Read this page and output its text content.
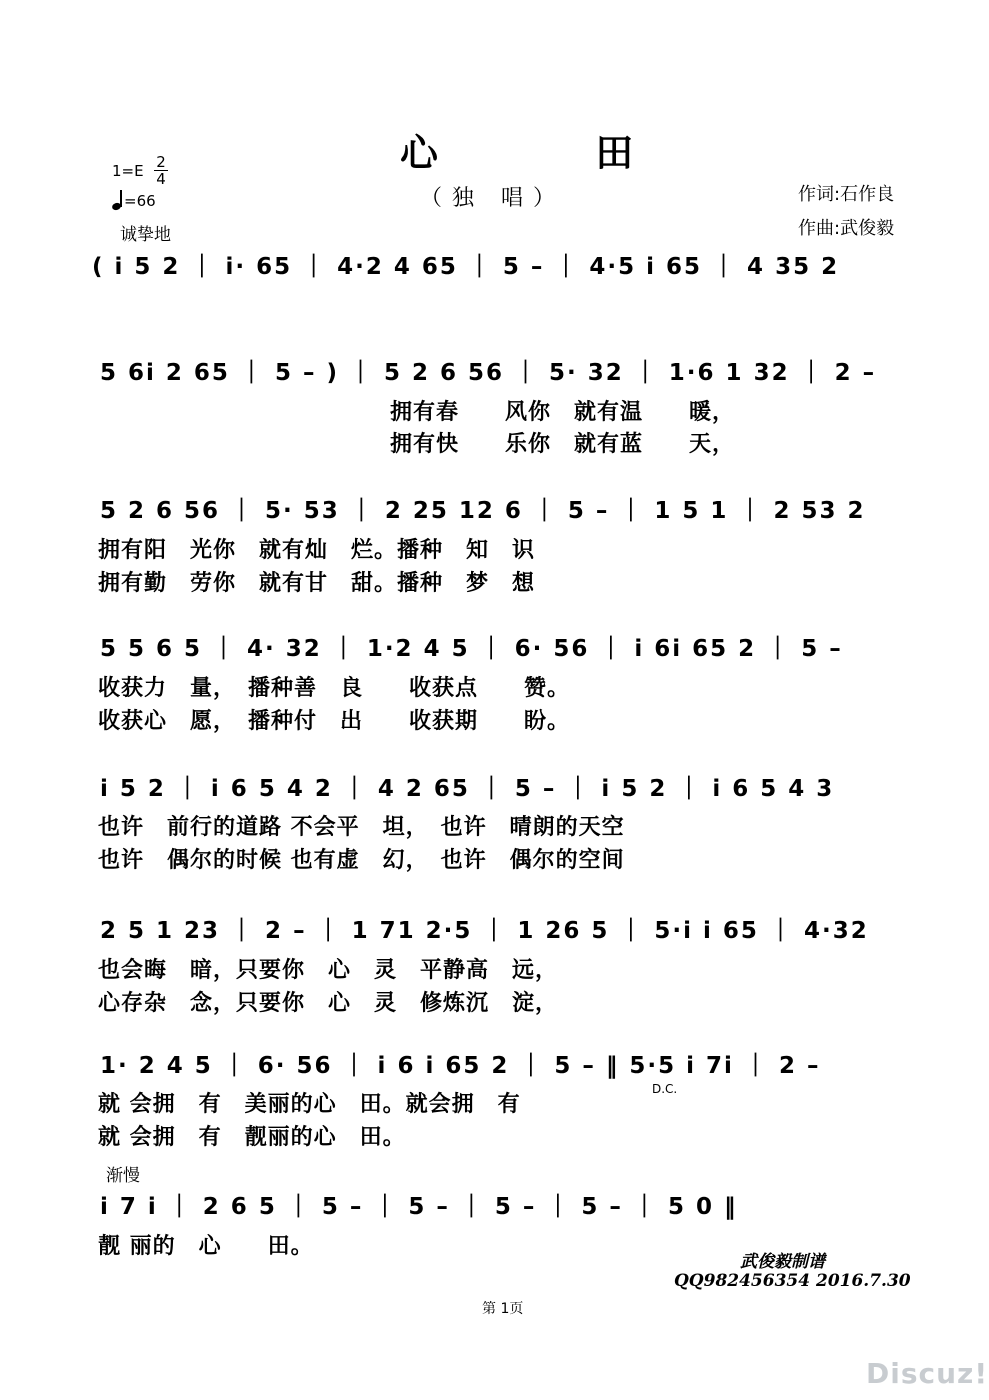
心 田
（独 唱）	作词:石作良
作曲:武俊毅
1=E 2
4
=66
诚挚地
( i 5 2 ｜ i· 65 ｜ 4·2 4 65 ｜ 5 – ｜ 4·5 i 65 ｜ 4 35 2
5 6i 2 65 ｜ 5 – ) ｜ 5 2 6 56 ｜ 5· 32 ｜ 1·6 1 32 ｜ 2 –
拥有春　　风你　就有温　　暖，
拥有快　　乐你　就有蓝　　天，
5 2 6 56 ｜ 5· 53 ｜ 2 25 12 6 ｜ 5 – ｜ 1 5 1 ｜ 2 53 2
拥有阳　光你　就有灿　烂。播种　知　识
拥有勤　劳你　就有甘　甜。播种　梦　想
5 5 6 5 ｜ 4· 32 ｜ 1·2 4 5 ｜ 6· 56 ｜ i 6i 65 2 ｜ 5 –
收获力　量，　播种善　良　　收获点　　赞。
收获心　愿，　播种付　出　　收获期　　盼。
i 5 2 ｜ i 6 5 4 2 ｜ 4 2 65 ｜ 5 – ｜ i 5 2 ｜ i 6 5 4 3
也许　前行的道路 不会平　坦，　也许　晴朗的天空
也许　偶尔的时候 也有虚　幻，　也许　偶尔的空间
2 5 1 23 ｜ 2 – ｜ 1 71 2·5 ｜ 1 26 5 ｜ 5·i i 65 ｜ 4·32
也会晦　暗，只要你　心　灵　平静高　远，
心存杂　念，只要你　心　灵　修炼沉　淀，
1· 2 4 5 ｜ 6· 56 ｜ i 6 i 65 2 ｜ 5 – ‖ 5·5 i 7i ｜ 2 –
就 会拥　有　美丽的心　田。就会拥　有
就 会拥　有　靓丽的心　田。
D.C.
渐慢
i 7 i ｜ 2 6 5 ｜ 5 – ｜ 5 – ｜ 5 – ｜ 5 – ｜ 5 0 ‖
靓 丽的　心　　田。
武俊毅制谱
QQ982456354 2016.7.30
第 1页
Discuz!
